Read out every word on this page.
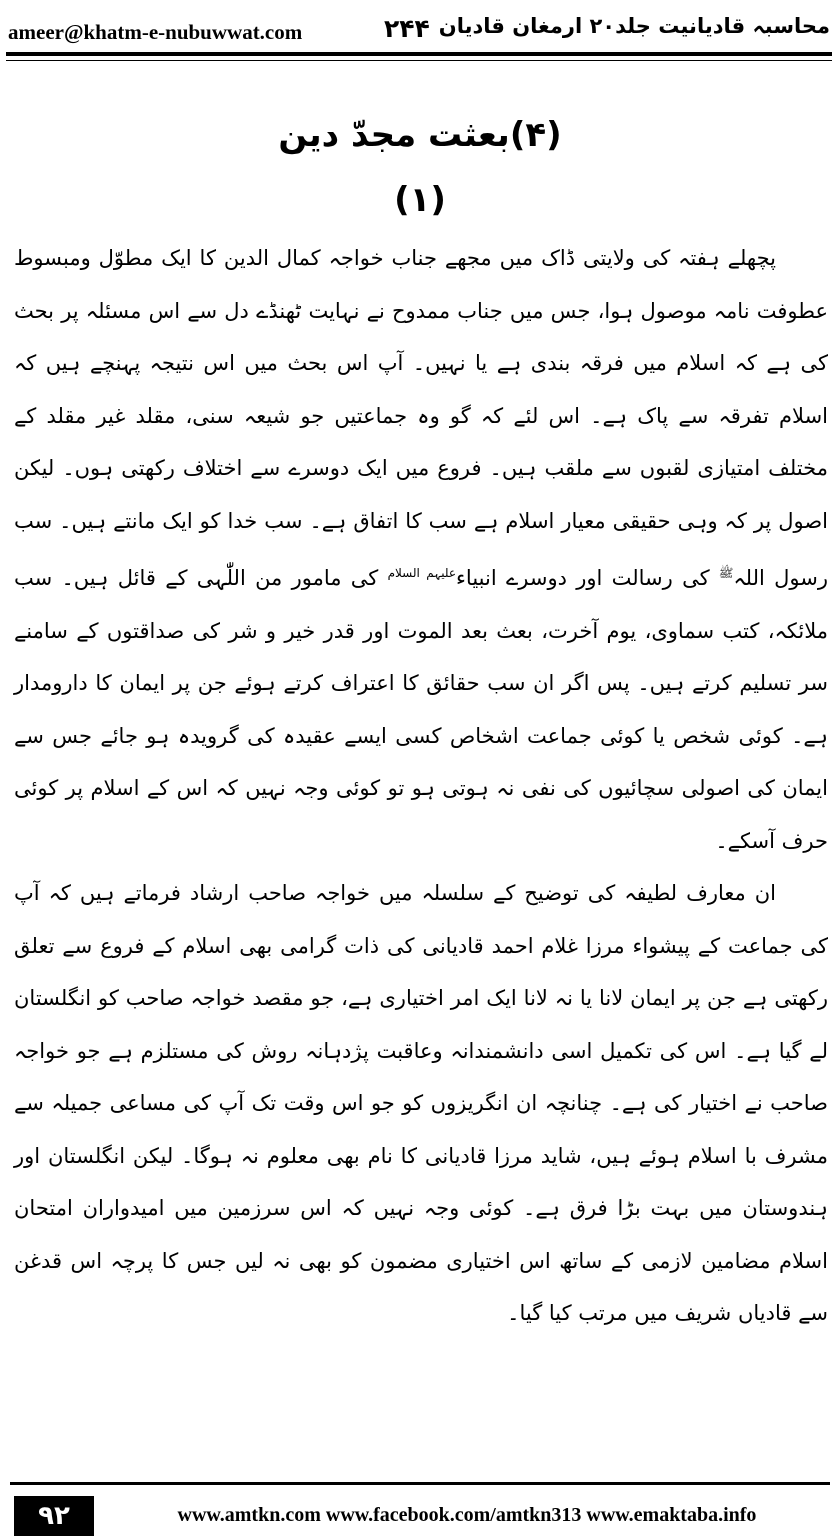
ameer@khatm-e-nubuwwat.com	۲۴۴ محاسبہ قادیانیت جلد۲۰ ارمغان قادیان
(۴)بعثت مجدّ دین
(۱)

پچھلے ہفتہ کی ولایتی ڈاک میں مجھے جناب خواجہ کمال الدین کا ایک مطوّل ومبسوط عطوفت نامہ موصول ہوا، جس میں جناب ممدوح نے نہایت ٹھنڈے دل سے اس مسئلہ پر بحث کی ہے کہ اسلام میں فرقہ بندی ہے یا نہیں۔ آپ اس بحث میں اس نتیجہ پہنچے ہیں کہ اسلام تفرقہ سے پاک ہے۔ اس لئے کہ گو وہ جماعتیں جو شیعہ سنی، مقلد غیر مقلد کے مختلف امتیازی لقبوں سے ملقب ہیں۔ فروع میں ایک دوسرے سے اختلاف رکھتی ہوں۔ لیکن اصول پر کہ وہی حقیقی معیار اسلام ہے سب کا اتفاق ہے۔ سب خدا کو ایک مانتے ہیں۔ سب رسول اللہ$^ﷺ$ کی رسالت اور دوسرے انبیاء$^{علیہم السلام}$ کی مامور من اللّٰہی کے قائل ہیں۔ سب ملائکہ، کتب سماوی، یوم آخرت، بعث بعد الموت اور قدر خیر و شر کی صداقتوں کے سامنے سر تسلیم کرتے ہیں۔ پس اگر ان سب حقائق کا اعتراف کرتے ہوئے جن پر ایمان کا دارومدار ہے۔ کوئی شخص یا کوئی جماعت اشخاص کسی ایسے عقیدہ کی گرویدہ ہو جائے جس سے ایمان کی اصولی سچائیوں کی نفی نہ ہوتی ہو تو کوئی وجہ نہیں کہ اس کے اسلام پر کوئی حرف آسکے۔

ان معارف لطیفہ کی توضیح کے سلسلہ میں خواجہ صاحب ارشاد فرماتے ہیں کہ آپ کی جماعت کے پیشواء مرزا غلام احمد قادیانی کی ذات گرامی بھی اسلام کے فروع سے تعلق رکھتی ہے جن پر ایمان لانا یا نہ لانا ایک امر اختیاری ہے، جو مقصد خواجہ صاحب کو انگلستان لے گیا ہے۔ اس کی تکمیل اسی دانشمندانہ وعاقبت پژدہانہ روش کی مستلزم ہے جو خواجہ صاحب نے اختیار کی ہے۔ چنانچہ ان انگریزوں کو جو اس وقت تک آپ کی مساعی جمیلہ سے مشرف با اسلام ہوئے ہیں، شاید مرزا قادیانی کا نام بھی معلوم نہ ہوگا۔ لیکن انگلستان اور ہندوستان میں بہت بڑا فرق ہے۔ کوئی وجہ نہیں کہ اس سرزمین میں امیدواران امتحان اسلام مضامین لازمی کے ساتھ اس اختیاری مضمون کو بھی نہ لیں جس کا پرچہ اس قدغن سے قادیاں شریف میں مرتب کیا گیا۔

۹۲	www.amtkn.com www.facebook.com/amtkn313 www.emaktaba.info
